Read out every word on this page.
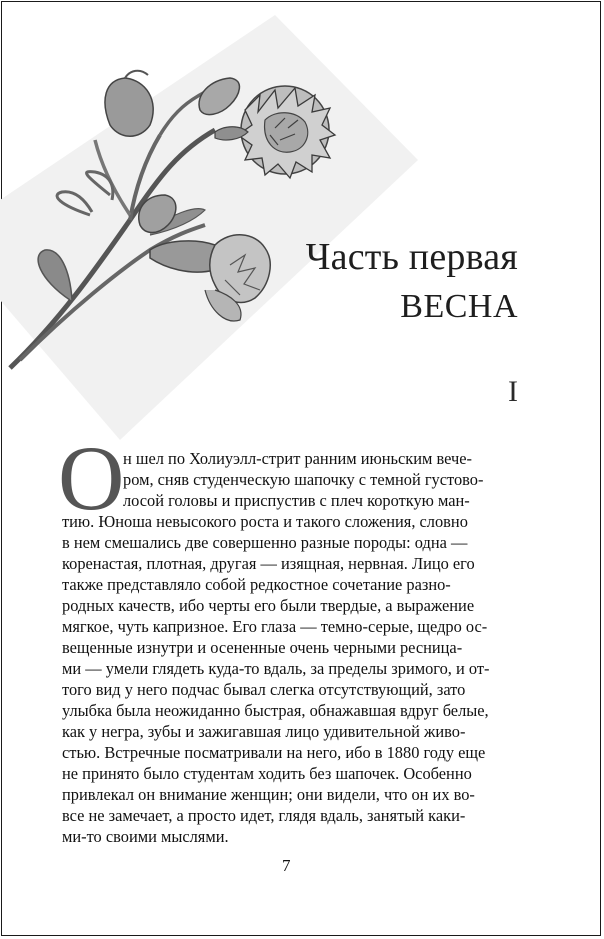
Часть первая
ВЕСНА
I
О
н шел по Холиуэлл-стрит ранним июньским вече-
ром, сняв студенческую шапочку с темной густово-
лосой головы и приспустив с плеч короткую ман-
тию. Юноша невысокого роста и такого сложения, словно
в нем смешались две совершенно разные породы: одна —
коренастая, плотная, другая — изящная, нервная. Лицо его
также представляло собой редкостное сочетание разно-
родных качеств, ибо черты его были твердые, а выражение
мягкое, чуть капризное. Его глаза — темно-серые, щедро ос-
вещенные изнутри и осененные очень черными ресница-
ми — умели глядеть куда-то вдаль, за пределы зримого, и от-
того вид у него подчас бывал слегка отсутствующий, зато
улыбка была неожиданно быстрая, обнажавшая вдруг белые,
как у негра, зубы и зажигавшая лицо удивительной живо-
стью. Встречные посматривали на него, ибо в 1880 году еще
не принято было студентам ходить без шапочек. Особенно
привлекал он внимание женщин; они видели, что он их во-
все не замечает, а просто идет, глядя вдаль, занятый каки-
ми-то своими мыслями.
7
